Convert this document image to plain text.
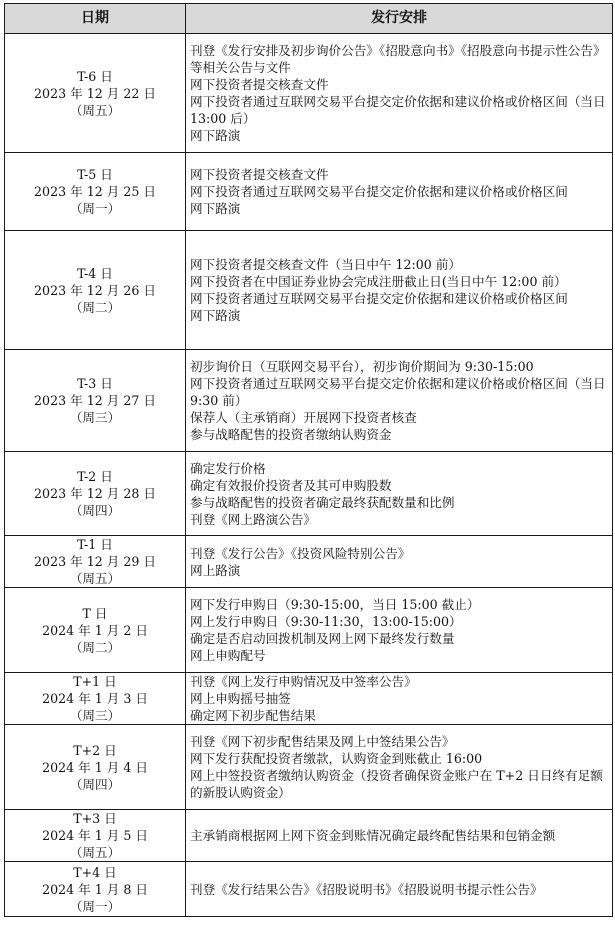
日期	发行安排

T-6 日
2023 年 12 月 22 日
（周五）	刊登《发行安排及初步询价公告》《招股意向书》《招股意向书提示性公告》等相关公告与文件
网下投资者提交核查文件
网下投资者通过互联网交易平台提交定价依据和建议价格或价格区间（当日 13:00 后）
网下路演

T-5 日
2023 年 12 月 25 日
（周一）	网下投资者提交核查文件
网下投资者通过互联网交易平台提交定价依据和建议价格或价格区间
网下路演

T-4 日
2023 年 12 月 26 日
（周二）	网下投资者提交核查文件（当日中午 12:00 前）
网下投资者在中国证券业协会完成注册截止日(当日中午 12:00 前）
网下投资者通过互联网交易平台提交定价依据和建议价格或价格区间
网下路演

T-3 日
2023 年 12 月 27 日
（周三）	初步询价日（互联网交易平台），初步询价期间为 9:30-15:00
网下投资者通过互联网交易平台提交定价依据和建议价格或价格区间（当日 9:30 前）
保荐人（主承销商）开展网下投资者核查
参与战略配售的投资者缴纳认购资金

T-2 日
2023 年 12 月 28 日
（周四）	确定发行价格
确定有效报价投资者及其可申购股数
参与战略配售的投资者确定最终获配数量和比例
刊登《网上路演公告》

T-1 日
2023 年 12 月 29 日
（周五）	刊登《发行公告》《投资风险特别公告》
网上路演

T 日
2024 年 1 月 2 日
（周二）	网下发行申购日（9:30-15:00，当日 15:00 截止）
网上发行申购日（9:30-11:30，13:00-15:00）
确定是否启动回拨机制及网上网下最终发行数量
网上申购配号

T+1 日
2024 年 1 月 3 日
（周三）	刊登《网上发行申购情况及中签率公告》
网上申购摇号抽签
确定网下初步配售结果

T+2 日
2024 年 1 月 4 日
（周四）	刊登《网下初步配售结果及网上中签结果公告》
网下发行获配投资者缴款，认购资金到账截止 16:00
网上中签投资者缴纳认购资金（投资者确保资金账户在 T+2 日日终有足额的新股认购资金）

T+3 日
2024 年 1 月 5 日
（周五）	主承销商根据网上网下资金到账情况确定最终配售结果和包销金额

T+4 日
2024 年 1 月 8 日
（周一）	刊登《发行结果公告》《招股说明书》《招股说明书提示性公告》
